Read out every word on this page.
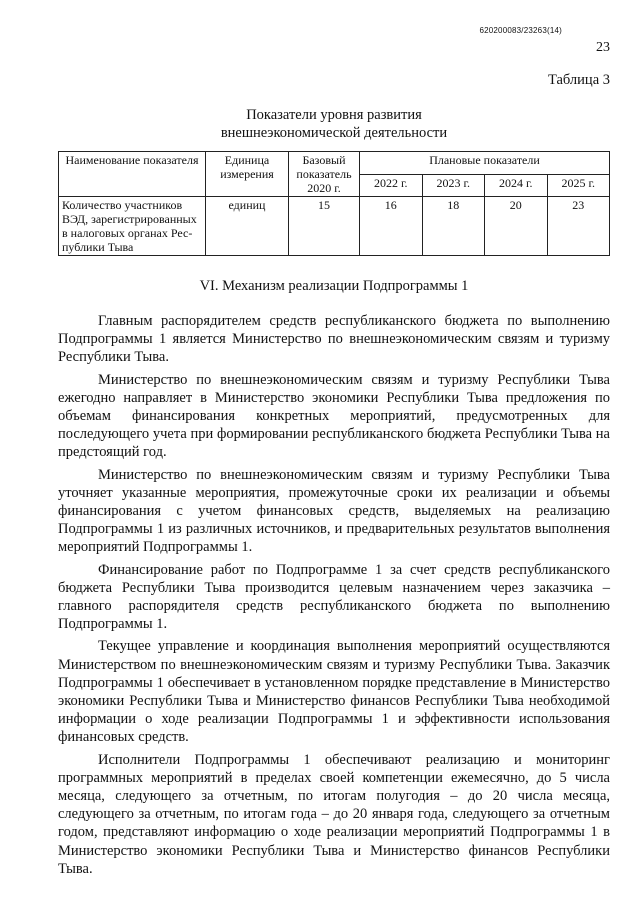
620200083/23263(14)
23
Таблица 3
Показатели уровня развития
внешнеэкономической деятельности
Наименование показателя	Единица измерения	Базовый показатель 2020 г.	Плановые показатели			
			2022 г.	2023 г.	2024 г.	2025 г.
Количество участников ВЭД, зарегистрированных в налоговых органах Рес-публики Тыва	единиц	15	16	18	20	23
VI. Механизм реализации Подпрограммы 1

Главным распорядителем средств республиканского бюджета по выполнению Подпрограммы 1 является Министерство по внешнеэкономическим связям и туризму Республики Тыва.

Министерство по внешнеэкономическим связям и туризму Республики Тыва ежегодно направляет в Министерство экономики Республики Тыва предложения по объемам финансирования конкретных мероприятий, предусмотренных для последующего учета при формировании республиканского бюджета Республики Тыва на предстоящий год.

Министерство по внешнеэкономическим связям и туризму Республики Тыва уточняет указанные мероприятия, промежуточные сроки их реализации и объемы финансирования с учетом финансовых средств, выделяемых на реализацию Подпрограммы 1 из различных источников, и предварительных результатов выполнения мероприятий Подпрограммы 1.

Финансирование работ по Подпрограмме 1 за счет средств республиканского бюджета Республики Тыва производится целевым назначением через заказчика – главного распорядителя средств республиканского бюджета по выполнению Подпрограммы 1.

Текущее управление и координация выполнения мероприятий осуществляются Министерством по внешнеэкономическим связям и туризму Республики Тыва. Заказчик Подпрограммы 1 обеспечивает в установленном порядке представление в Министерство экономики Республики Тыва и Министерство финансов Республики Тыва необходимой информации о ходе реализации Подпрограммы 1 и эффективности использования финансовых средств.

Исполнители Подпрограммы 1 обеспечивают реализацию и мониторинг программных мероприятий в пределах своей компетенции ежемесячно, до 5 числа месяца, следующего за отчетным, по итогам полугодия – до 20 числа месяца, следующего за отчетным, по итогам года – до 20 января года, следующего за отчетным годом, представляют информацию о ходе реализации мероприятий Подпрограммы 1 в Министерство экономики Республики Тыва и Министерство финансов Республики Тыва.
